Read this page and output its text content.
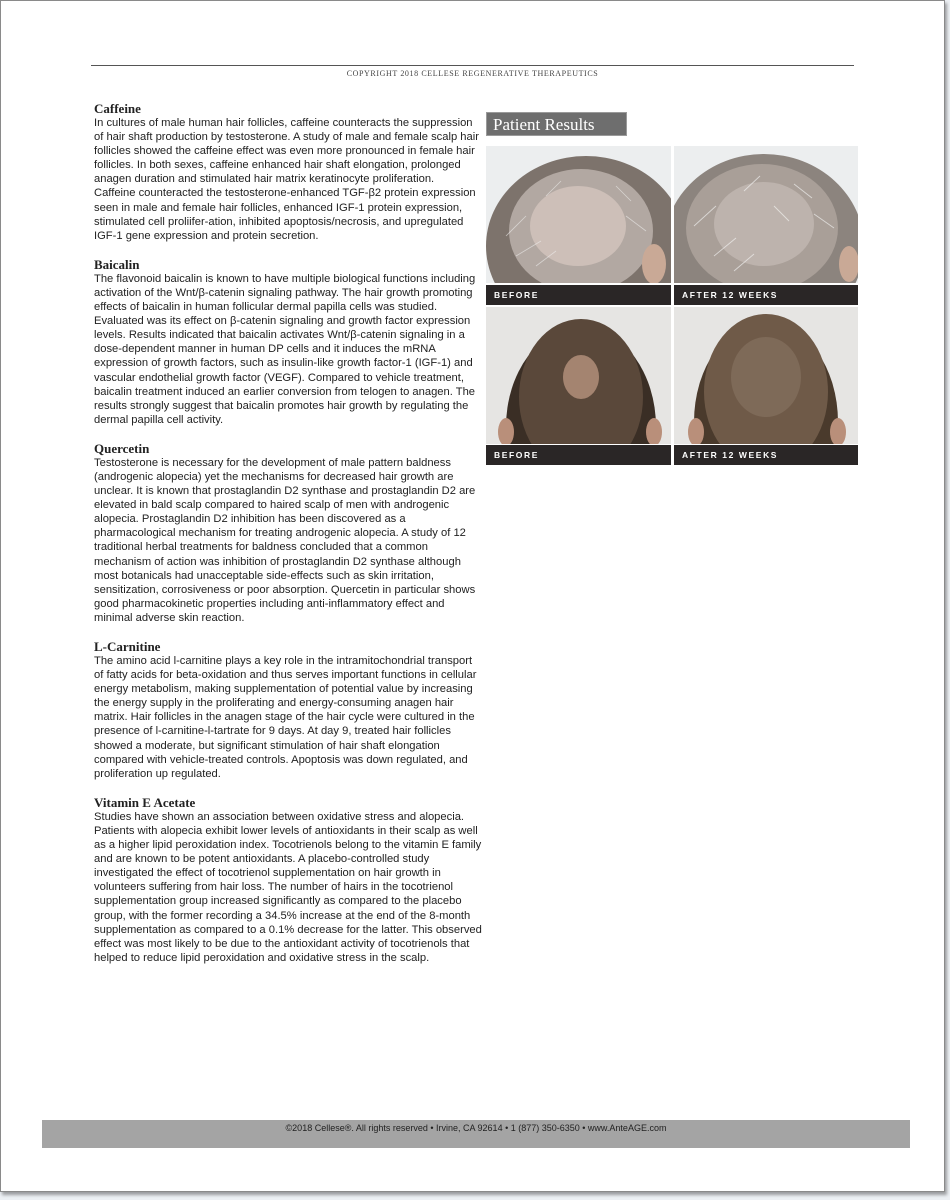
COPYRIGHT 2018 CELLESE REGENERATIVE THERAPEUTICS
Caffeine

In cultures of male human hair follicles, caffeine counteracts the suppression of hair shaft production by testosterone. A study of male and female scalp hair follicles showed the caffeine effect was even more pronounced in female hair follicles. In both sexes, caffeine enhanced hair shaft elongation, prolonged anagen duration and stimulated hair matrix keratinocyte proliferation.

Caffeine counteracted the testosterone-enhanced TGF-β2 protein expression seen in male and female hair follicles, enhanced IGF-1 protein expression, stimulated cell proliifer-ation, inhibited apoptosis/necrosis, and upregulated IGF-1 gene expression and protein secretion.

Baicalin

The flavonoid baicalin is known to have multiple biological functions including activation of the Wnt/β-catenin signaling pathway. The hair growth promoting effects of baicalin in human follicular dermal papilla cells was studied. Evaluated was its effect on β-catenin signaling and growth factor expression levels. Results indicated that baicalin activates Wnt/β-catenin signaling in a dose-dependent manner in human DP cells and it induces the mRNA expression of growth factors, such as insulin-like growth factor-1 (IGF-1) and vascular endothelial growth factor (VEGF). Compared to vehicle treatment, baicalin treatment induced an earlier conversion from telogen to anagen. The results strongly suggest that baicalin promotes hair growth by regulating the dermal papilla cell activity.

Quercetin

Testosterone is necessary for the development of male pattern baldness (androgenic alopecia) yet the mechanisms for decreased hair growth are unclear. It is known that prostaglandin D2 synthase and prostaglandin D2 are elevated in bald scalp compared to haired scalp of men with androgenic alopecia. Prostaglandin D2 inhibition has been discovered as a pharmacological mechanism for treating androgenic alopecia. A study of 12 traditional herbal treatments for baldness concluded that a common mechanism of action was inhibition of prostaglandin D2 synthase although most botanicals had unacceptable side-effects such as skin irritation, sensitization, corrosiveness or poor absorption. Quercetin in particular shows good pharmacokinetic properties including anti-inflammatory effect and minimal adverse skin reaction.

L-Carnitine

The amino acid l-carnitine plays a key role in the intramitochondrial transport of fatty acids for beta-oxidation and thus serves important functions in cellular energy metabolism, making supplementation of potential value by increasing the energy supply in the proliferating and energy-consuming anagen hair matrix. Hair follicles in the anagen stage of the hair cycle were cultured in the presence of l-carnitine-l-tartrate for 9 days. At day 9, treated hair follicles showed a moderate, but significant stimulation of hair shaft elongation compared with vehicle-treated controls. Apoptosis was down regulated, and proliferation up regulated.

Vitamin E Acetate

Studies have shown an association between oxidative stress and alopecia. Patients with alopecia exhibit lower levels of antioxidants in their scalp as well as a higher lipid peroxidation index. Tocotrienols belong to the vitamin E family and are known to be potent antioxidants. A placebo-controlled study investigated the effect of tocotrienol supplementation on hair growth in volunteers suffering from hair loss. The number of hairs in the tocotrienol supplementation group increased significantly as compared to the placebo group, with the former recording a 34.5% increase at the end of the 8-month supplementation as compared to a 0.1% decrease for the latter. This observed effect was most likely to be due to the antioxidant activity of tocotrienols that helped to reduce lipid peroxidation and oxidative stress in the scalp.

Patient Results
BEFORE	AFTER 12 WEEKS
BEFORE	AFTER 12 WEEKS
©2018 Cellese®. All rights reserved • Irvine, CA 92614 • 1 (877) 350-6350 • www.AnteAGE.com
